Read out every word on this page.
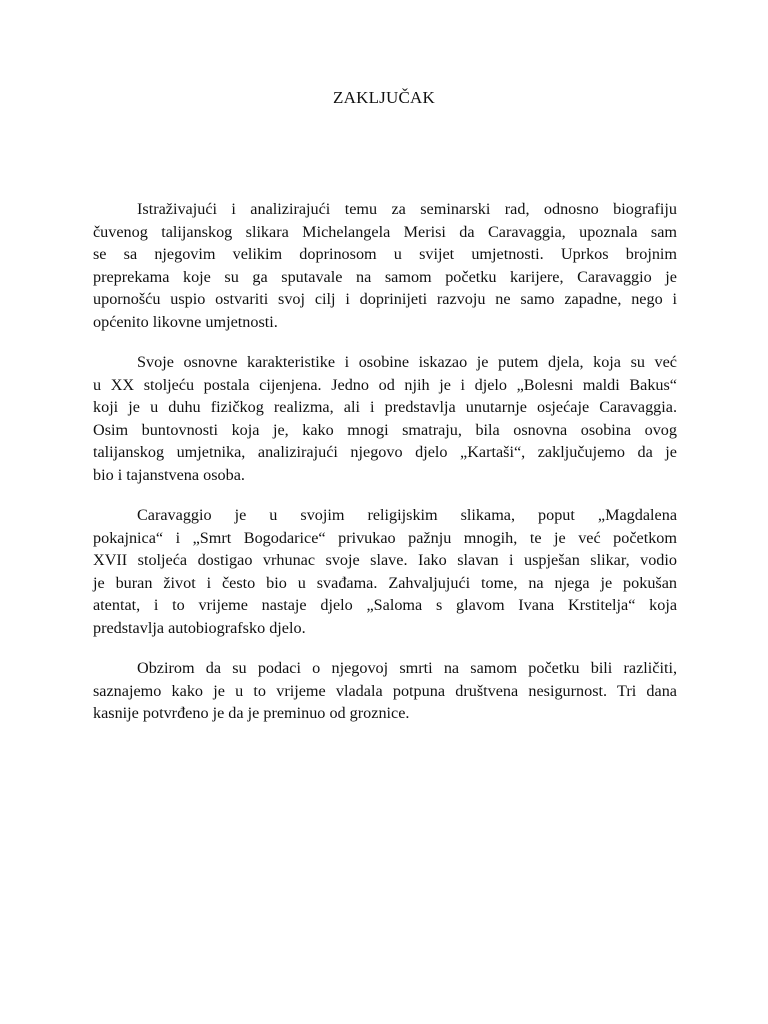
ZAKLJUČAK

Istraživajući i analizirajući temu za seminarski rad, odnosno biografiju
čuvenog talijanskog slikara Michelangela Merisi da Caravaggia, upoznala sam
se sa njegovim velikim doprinosom u svijet umjetnosti. Uprkos brojnim
preprekama koje su ga sputavale na samom početku karijere, Caravaggio je
upornošću uspio ostvariti svoj cilj i doprinijeti razvoju ne samo zapadne, nego i
općenito likovne umjetnosti.

Svoje osnovne karakteristike i osobine iskazao je putem djela, koja su već
u XX stoljeću postala cijenjena. Jedno od njih je i djelo „Bolesni maldi Bakus“
koji je u duhu fizičkog realizma, ali i predstavlja unutarnje osjećaje Caravaggia.
Osim buntovnosti koja je, kako mnogi smatraju, bila osnovna osobina ovog
talijanskog umjetnika, analizirajući njegovo djelo „Kartaši“, zaključujemo da je
bio i tajanstvena osoba.

Caravaggio je u svojim religijskim slikama, poput „Magdalena
pokajnica“ i „Smrt Bogodarice“ privukao pažnju mnogih, te je već početkom
XVII stoljeća dostigao vrhunac svoje slave. Iako slavan i uspješan slikar, vodio
je buran život i često bio u svađama. Zahvaljujući tome, na njega je pokušan
atentat, i to vrijeme nastaje djelo „Saloma s glavom Ivana Krstitelja“ koja
predstavlja autobiografsko djelo.

Obzirom da su podaci o njegovoj smrti na samom početku bili različiti,
saznajemo kako je u to vrijeme vladala potpuna društvena nesigurnost. Tri dana
kasnije potvrđeno je da je preminuo od groznice.
